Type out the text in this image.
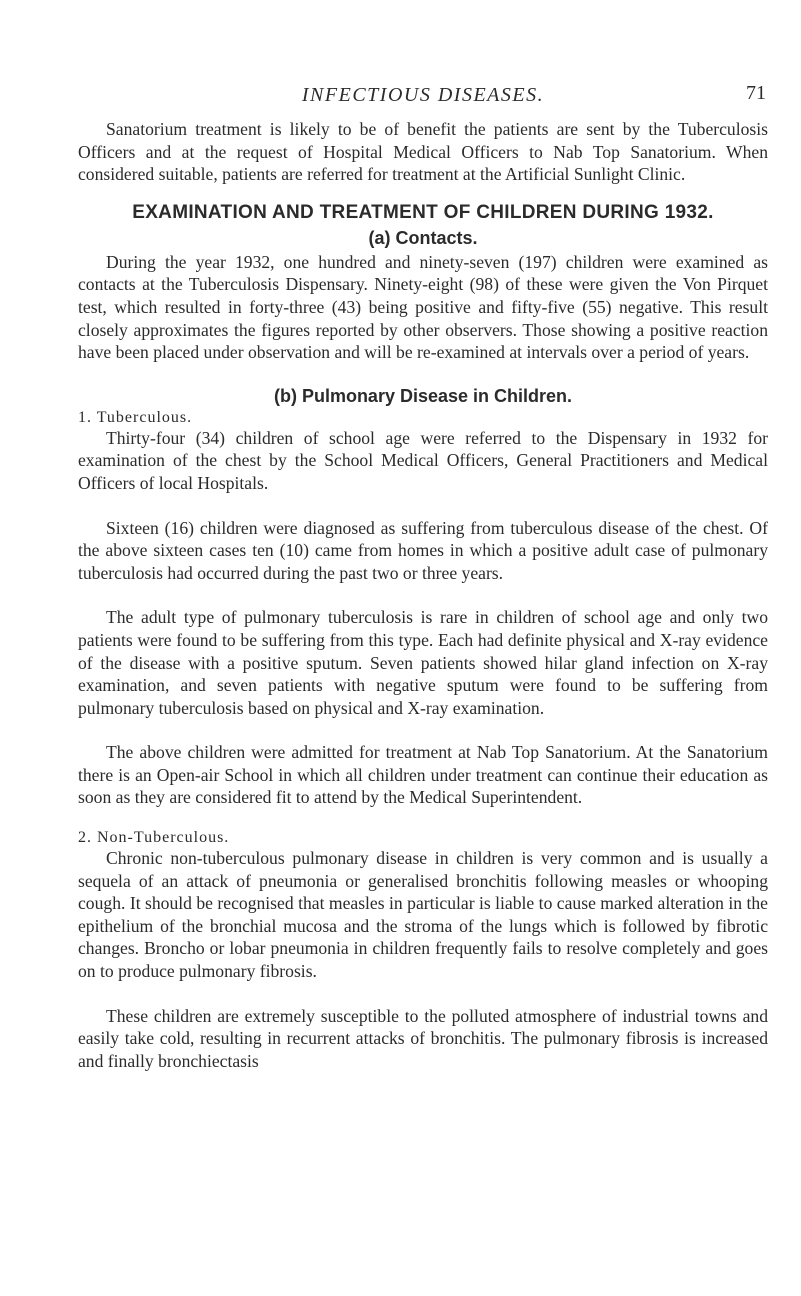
INFECTIOUS DISEASES.	71

Sanatorium treatment is likely to be of benefit the patients are sent by the Tuberculosis Officers and at the request of Hospital Medical Officers to Nab Top Sanatorium. When considered suitable, patients are referred for treatment at the Artificial Sunlight Clinic.

EXAMINATION AND TREATMENT OF CHILDREN DURING 1932.
(a) Contacts.

During the year 1932, one hundred and ninety-seven (197) children were examined as contacts at the Tuberculosis Dispensary. Ninety-eight (98) of these were given the Von Pirquet test, which resulted in forty-three (43) being positive and fifty-five (55) negative. This result closely approximates the figures reported by other observers. Those showing a positive reaction have been placed under observation and will be re-examined at intervals over a period of years.

(b) Pulmonary Disease in Children.
1. Tuberculous.

Thirty-four (34) children of school age were referred to the Dispensary in 1932 for examination of the chest by the School Medical Officers, General Practitioners and Medical Officers of local Hospitals.

Sixteen (16) children were diagnosed as suffering from tuberculous disease of the chest. Of the above sixteen cases ten (10) came from homes in which a positive adult case of pulmonary tuberculosis had occurred during the past two or three years.

The adult type of pulmonary tuberculosis is rare in children of school age and only two patients were found to be suffering from this type. Each had definite physical and X-ray evidence of the disease with a positive sputum. Seven patients showed hilar gland infection on X-ray examination, and seven patients with negative sputum were found to be suffering from pulmonary tuberculosis based on physical and X-ray examination.

The above children were admitted for treatment at Nab Top Sanatorium. At the Sanatorium there is an Open-air School in which all children under treatment can continue their education as soon as they are considered fit to attend by the Medical Superintendent.

2. Non-Tuberculous.

Chronic non-tuberculous pulmonary disease in children is very common and is usually a sequela of an attack of pneumonia or generalised bronchitis following measles or whooping cough. It should be recognised that measles in particular is liable to cause marked alteration in the epithelium of the bronchial mucosa and the stroma of the lungs which is followed by fibrotic changes. Broncho or lobar pneumonia in children frequently fails to resolve completely and goes on to produce pulmonary fibrosis.

These children are extremely susceptible to the polluted atmosphere of industrial towns and easily take cold, resulting in recurrent attacks of bronchitis. The pulmonary fibrosis is increased and finally bronchiectasis
